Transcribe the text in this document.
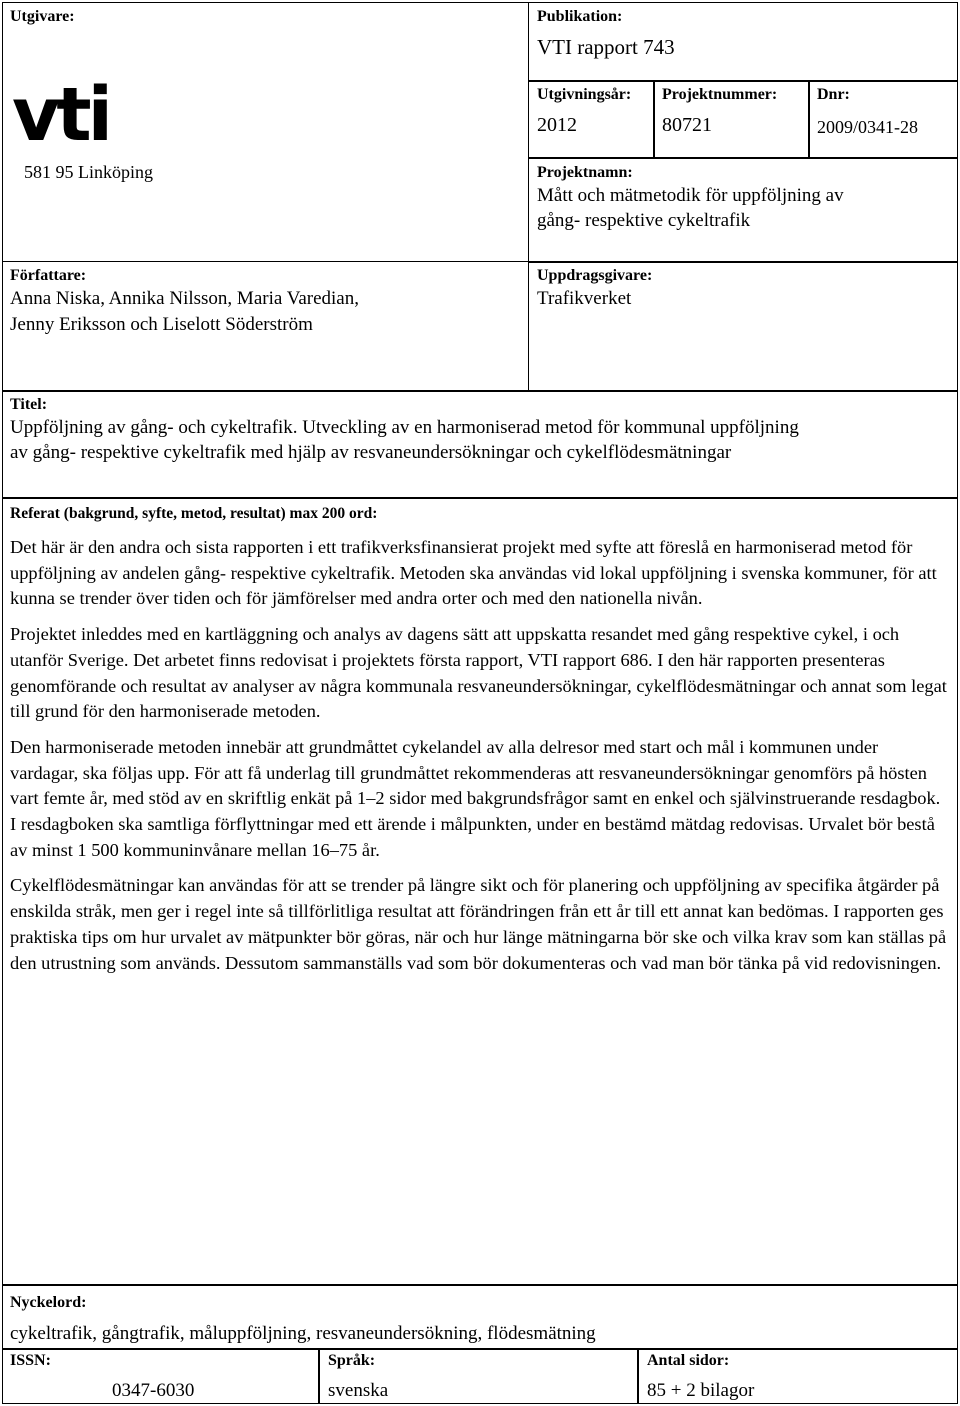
Utgivare:
vti
581 95 Linköping
Publikation:
VTI rapport 743
Utgivningsår:
2012
Projektnummer:
80721
Dnr:
2009/0341-28
Projektnamn:
Mått och mätmetodik för uppföljning av
gång- respektive cykeltrafik
Författare:
Anna Niska, Annika Nilsson, Maria Varedian,
Jenny Eriksson och Liselott Söderström
Uppdragsgivare:
Trafikverket
Titel:
Uppföljning av gång- och cykeltrafik. Utveckling av en harmoniserad metod för kommunal uppföljning
av gång- respektive cykeltrafik med hjälp av resvaneundersökningar och cykelflödesmätningar
Referat (bakgrund, syfte, metod, resultat) max 200 ord:

Det här är den andra och sista rapporten i ett trafikverksfinansierat projekt med syfte att föreslå en harmoniserad metod för uppföljning av andelen gång- respektive cykeltrafik. Metoden ska användas vid lokal uppföljning i svenska kommuner, för att kunna se trender över tiden och för jämförelser med andra orter och med den nationella nivån.

Projektet inleddes med en kartläggning och analys av dagens sätt att uppskatta resandet med gång respektive cykel, i och utanför Sverige. Det arbetet finns redovisat i projektets första rapport, VTI rapport 686. I den här rapporten presenteras genomförande och resultat av analyser av några kommunala resvaneundersökningar, cykelflödesmätningar och annat som legat till grund för den harmoniserade metoden.

Den harmoniserade metoden innebär att grundmåttet cykelandel av alla delresor med start och mål i kommunen under vardagar, ska följas upp. För att få underlag till grundmåttet rekommenderas att resvaneundersökningar genomförs på hösten vart femte år, med stöd av en skriftlig enkät på 1–2 sidor med bakgrundsfrågor samt en enkel och självinstruerande resdagbok. I resdagboken ska samtliga förflyttningar med ett ärende i målpunkten, under en bestämd mätdag redovisas. Urvalet bör bestå av minst 1 500 kommuninvånare mellan 16–75 år.

Cykelflödesmätningar kan användas för att se trender på längre sikt och för planering och uppföljning av specifika åtgärder på enskilda stråk, men ger i regel inte så tillförlitliga resultat att förändringen från ett år till ett annat kan bedömas. I rapporten ges praktiska tips om hur urvalet av mätpunkter bör göras, när och hur länge mätningarna bör ske och vilka krav som kan ställas på den utrustning som används. Dessutom sammanställs vad som bör dokumenteras och vad man bör tänka på vid redovisningen.

Nyckelord:
cykeltrafik, gångtrafik, måluppföljning, resvaneundersökning, flödesmätning
ISSN:
0347-6030
Språk:
svenska
Antal sidor:
85 + 2 bilagor
